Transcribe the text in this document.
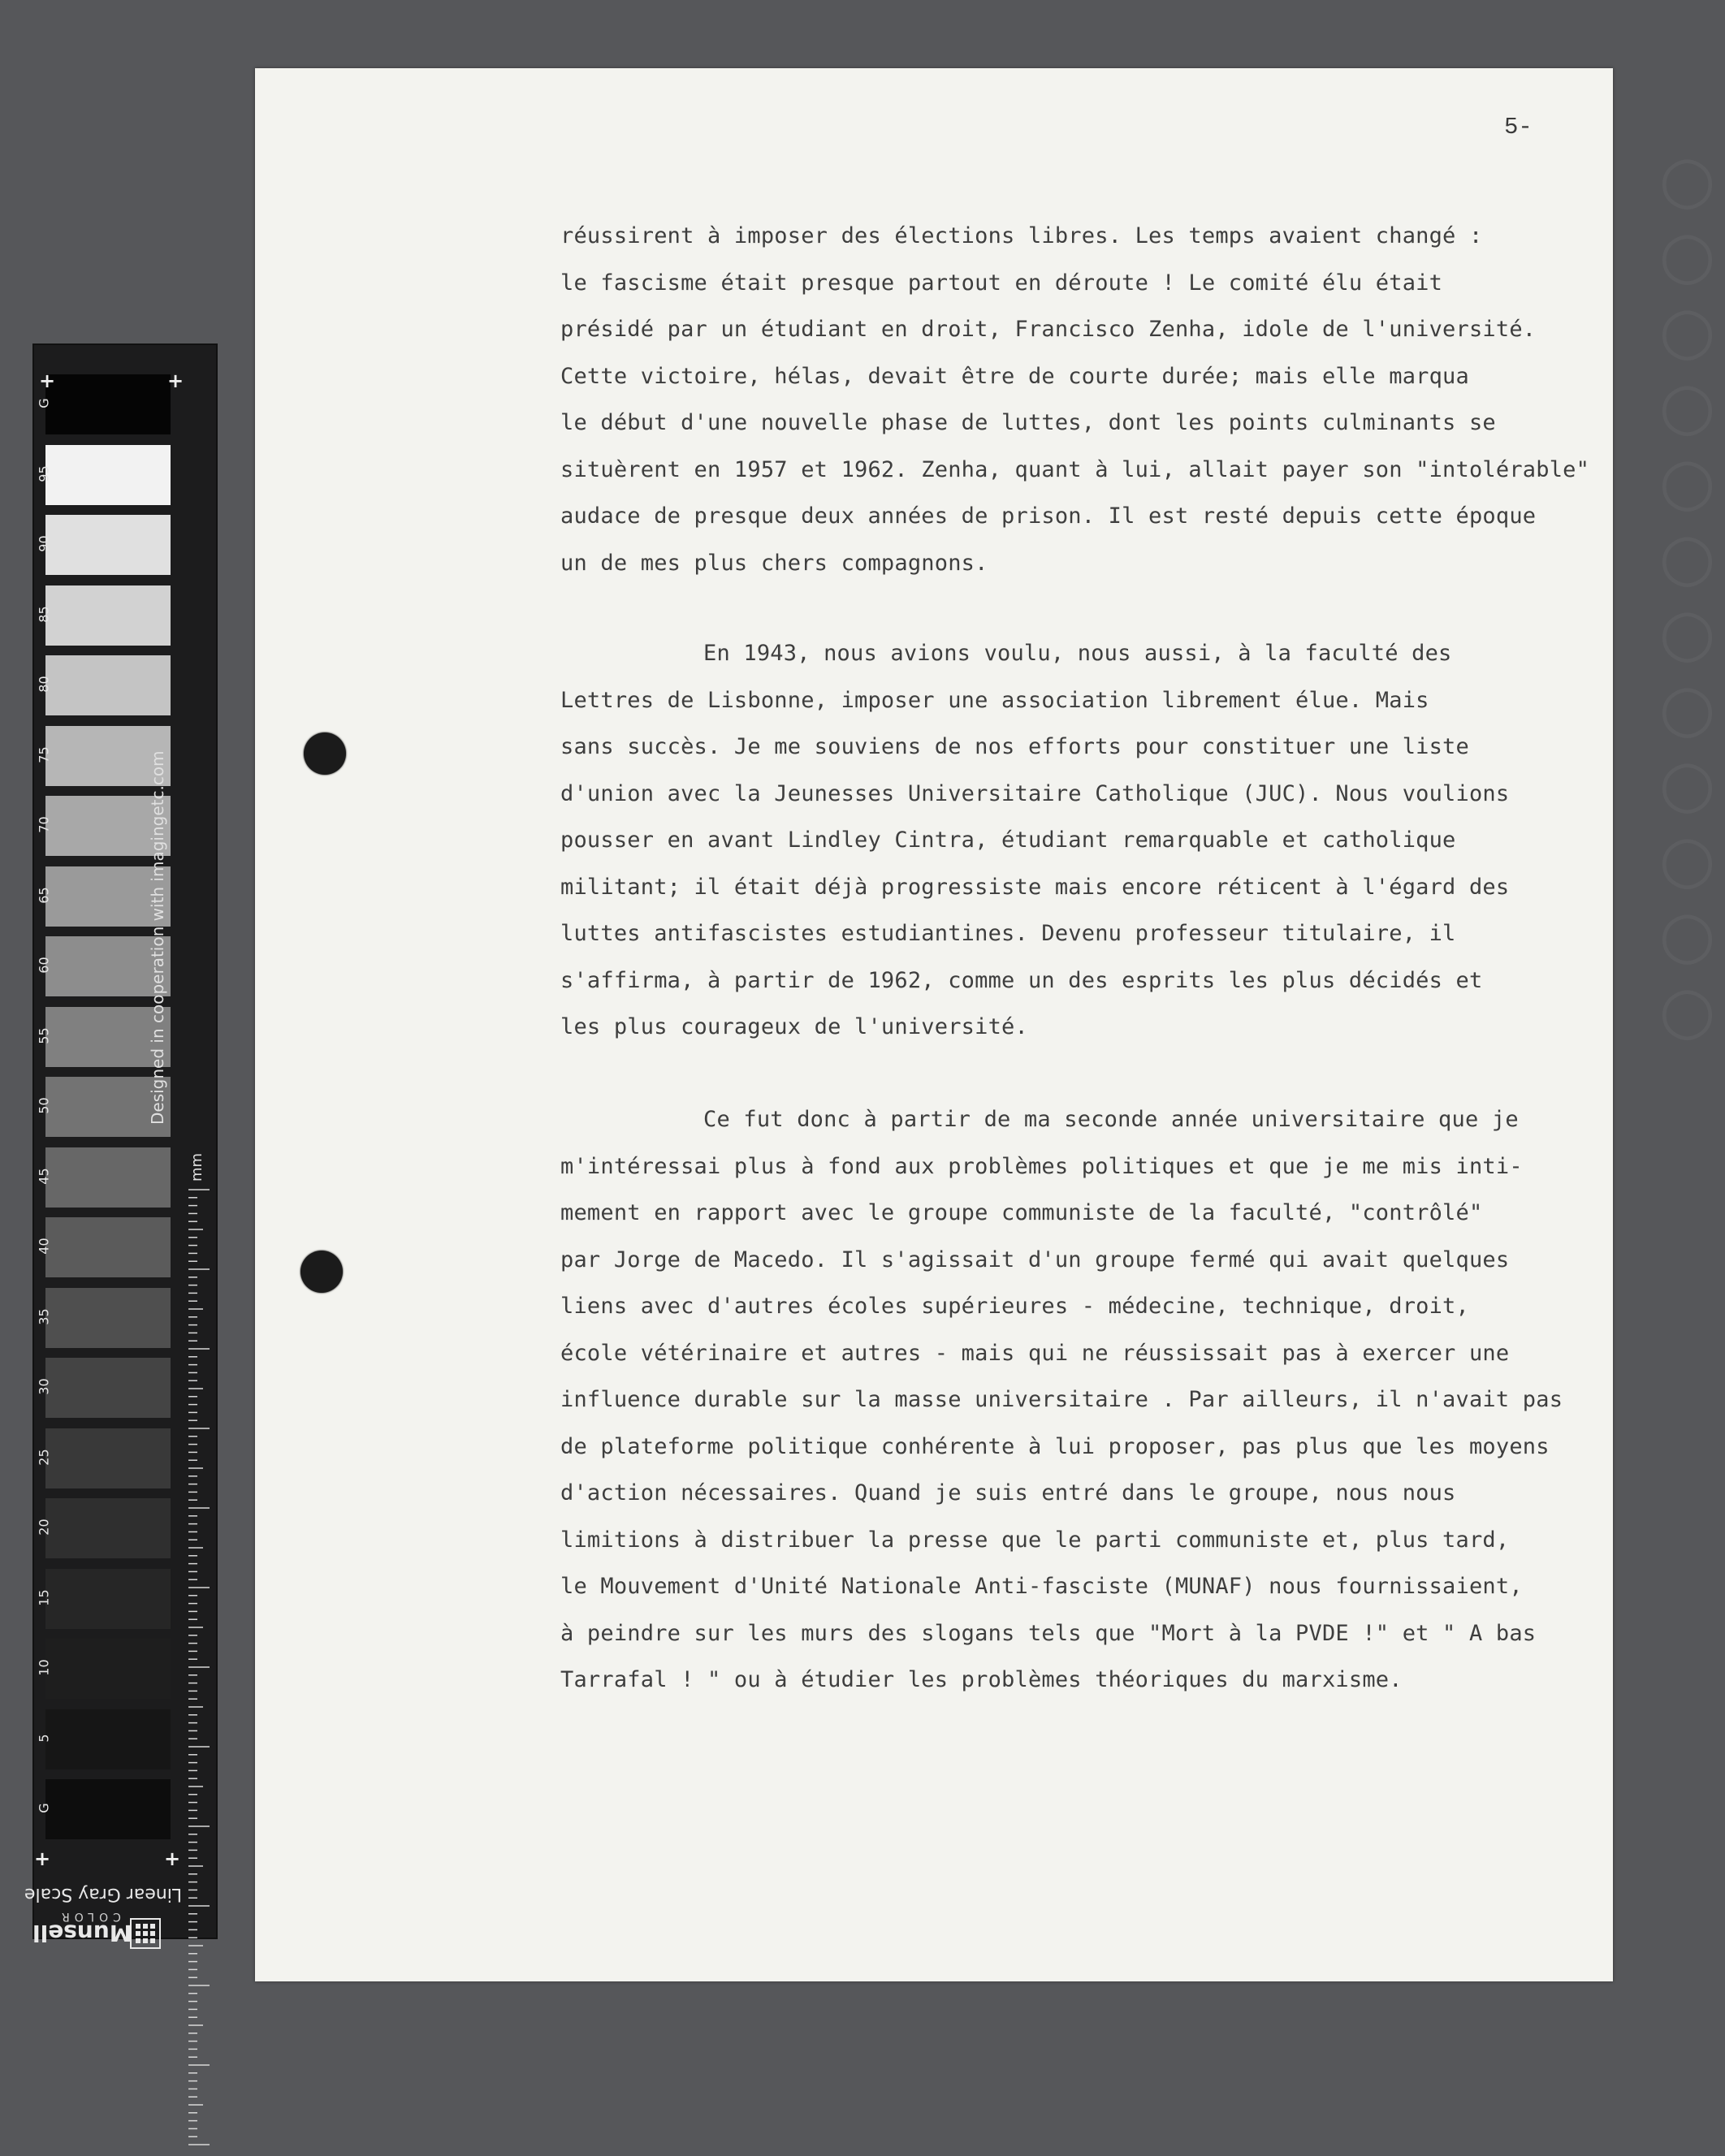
G
95
90
85
80
75
70
65
60
55
50
45
40
35
30
25
20
15
10
5
G
+	+
+	+
Designed in cooperation with imagingetc.com
mm
Linear Gray Scale
Munsell
COLOR
○○○○○○○○○○○○
5-
réussirent à imposer des élections libres. Les temps avaient changé :
le fascisme était presque partout en déroute ! Le comité élu était
présidé par un étudiant en droit, Francisco Zenha, idole de l'université.
Cette victoire, hélas, devait être de courte durée; mais elle marqua
le début d'une nouvelle phase de luttes, dont les points culminants se
situèrent en 1957 et 1962. Zenha, quant à lui, allait payer son "intolérable"
audace de presque deux années de prison. Il est resté depuis cette époque
un de mes plus chers compagnons.
En 1943, nous avions voulu, nous aussi, à la faculté des
Lettres de Lisbonne, imposer une association librement élue. Mais
sans succès. Je me souviens de nos efforts pour constituer une liste
d'union avec la Jeunesses Universitaire Catholique (JUC). Nous voulions
pousser en avant Lindley Cintra, étudiant remarquable et catholique
militant; il était déjà progressiste mais encore réticent à l'égard des
luttes antifascistes estudiantines. Devenu professeur titulaire, il
s'affirma, à partir de 1962, comme un des esprits les plus décidés et
les plus courageux de l'université.
Ce fut donc à partir de ma seconde année universitaire que je
m'intéressai plus à fond aux problèmes politiques et que je me mis inti-
mement en rapport avec le groupe communiste de la faculté, "contrôlé"
par Jorge de Macedo. Il s'agissait d'un groupe fermé qui avait quelques
liens avec d'autres écoles supérieures - médecine, technique, droit,
école vétérinaire et autres - mais qui ne réussissait pas à exercer une
influence durable sur la masse universitaire . Par ailleurs, il n'avait pas
de plateforme politique conhérente à lui proposer, pas plus que les moyens
d'action nécessaires. Quand je suis entré dans le groupe, nous nous
limitions à distribuer la presse que le parti communiste et, plus tard,
le Mouvement d'Unité Nationale Anti-fasciste (MUNAF) nous fournissaient,
à peindre sur les murs des slogans tels que "Mort à la PVDE !" et " A bas
Tarrafal ! " ou à étudier les problèmes théoriques du marxisme.
